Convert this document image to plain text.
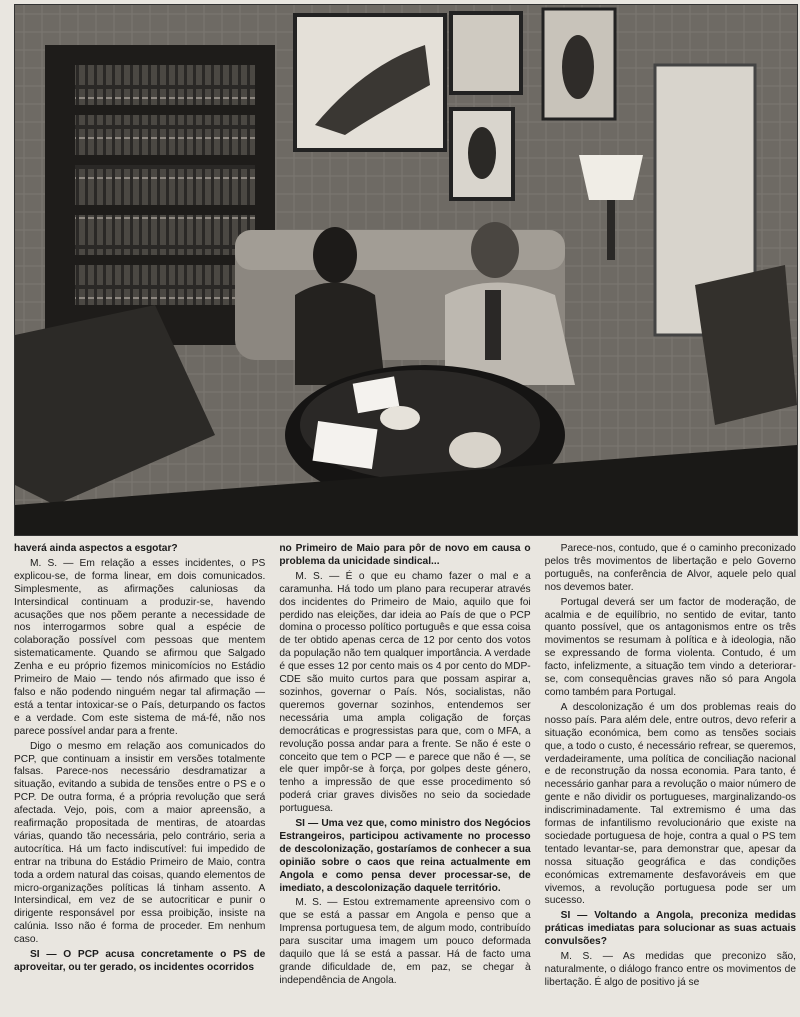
haverá ainda aspectos a esgotar?

M. S. — Em relação a esses incidentes, o PS explicou-se, de forma linear, em dois comunicados. Simplesmente, as afirmações caluniosas da Intersindical continuam a produzir-se, havendo acusações que nos põem perante a necessidade de nos interrogarmos sobre qual a espécie de colaboração possível com pessoas que mentem sistematicamente. Quando se afirmou que Salgado Zenha e eu próprio fizemos minicomícios no Estádio Primeiro de Maio — tendo nós afirmado que isso é falso e não podendo ninguém negar tal afirmação — está a tentar intoxicar-se o País, deturpando os factos e a verdade. Com este sistema de má-fé, não nos parece possível andar para a frente.

Digo o mesmo em relação aos comunicados do PCP, que continuam a insistir em versões totalmente falsas. Parece-nos necessário desdramatizar a situação, evitando a subida de tensões entre o PS e o PCP. De outra forma, é a própria revolução que será afectada. Vejo, pois, com a maior apreensão, a reafirmação propositada de mentiras, de atoardas várias, quando tão necessária, pelo contrário, seria a autocrítica. Há um facto indiscutível: fui impedido de entrar na tribuna do Estádio Primeiro de Maio, contra toda a ordem natural das coisas, quando elementos de micro-organizações políticas lá tinham assento. A Intersindical, em vez de se autocriticar e punir o dirigente responsável por essa proibição, insiste na calúnia. Isso não é forma de proceder. Em nenhum caso.

SI — O PCP acusa concretamente o PS de aproveitar, ou ter gerado, os incidentes ocorridos

no Primeiro de Maio para pôr de novo em causa o problema da unicidade sindical...

M. S. — É o que eu chamo fazer o mal e a caramunha. Há todo um plano para recuperar através dos incidentes do Primeiro de Maio, aquilo que foi perdido nas eleições, dar ideia ao País de que o PCP domina o processo político português e que essa coisa de ter obtido apenas cerca de 12 por cento dos votos da população não tem qualquer importância. A verdade é que esses 12 por cento mais os 4 por cento do MDP-CDE são muito curtos para que possam aspirar a, sozinhos, governar o País. Nós, socialistas, não queremos governar sozinhos, entendemos ser necessária uma ampla coligação de forças democráticas e progressistas para que, com o MFA, a revolução possa andar para a frente. Se não é este o conceito que tem o PCP — e parece que não é —, se ele quer impôr-se à força, por golpes deste género, tenho a impressão de que esse procedimento só poderá criar graves divisões no seio da sociedade portuguesa.

SI — Uma vez que, como ministro dos Negócios Estrangeiros, participou activamente no processo de descolonização, gostaríamos de conhecer a sua opinião sobre o caos que reina actualmente em Angola e como pensa dever processar-se, de imediato, a descolonização daquele território.

M. S. — Estou extremamente apreensivo com o que se está a passar em Angola e penso que a Imprensa portuguesa tem, de algum modo, contribuído para suscitar uma imagem um pouco deformada daquilo que lá se está a passar. Há de facto uma grande dificuldade de, em paz, se chegar à independência de Angola.

Parece-nos, contudo, que é o caminho preconizado pelos três movimentos de libertação e pelo Governo português, na conferência de Alvor, aquele pelo qual nos devemos bater.

Portugal deverá ser um factor de moderação, de acalmia e de equilíbrio, no sentido de evitar, tanto quanto possível, que os antagonismos entre os três movimentos se resumam à política e à ideologia, não se expressando de forma violenta. Contudo, é um facto, infelizmente, a situação tem vindo a deteriorar-se, com consequências graves não só para Angola como também para Portugal.

A descolonização é um dos problemas reais do nosso país. Para além dele, entre outros, devo referir a situação económica, bem como as tensões sociais que, a todo o custo, é necessário refrear, se queremos, verdadeiramente, uma política de conciliação nacional e de reconstrução da nossa economia. Para tanto, é necessário ganhar para a revolução o maior número de gente e não dividir os portugueses, marginalizando-os indiscriminadamente. Tal extremismo é uma das formas de infantilismo revolucionário que existe na sociedade portuguesa de hoje, contra a qual o PS tem tentado levantar-se, para demonstrar que, apesar da nossa situação geográfica e das condições económicas extremamente desfavoráveis em que vivemos, a revolução portuguesa pode ser um sucesso.

SI — Voltando a Angola, preconiza medidas práticas imediatas para solucionar as suas actuais convulsões?

M. S. — As medidas que preconizo são, naturalmente, o diálogo franco entre os movimentos de libertação. É algo de positivo já se
